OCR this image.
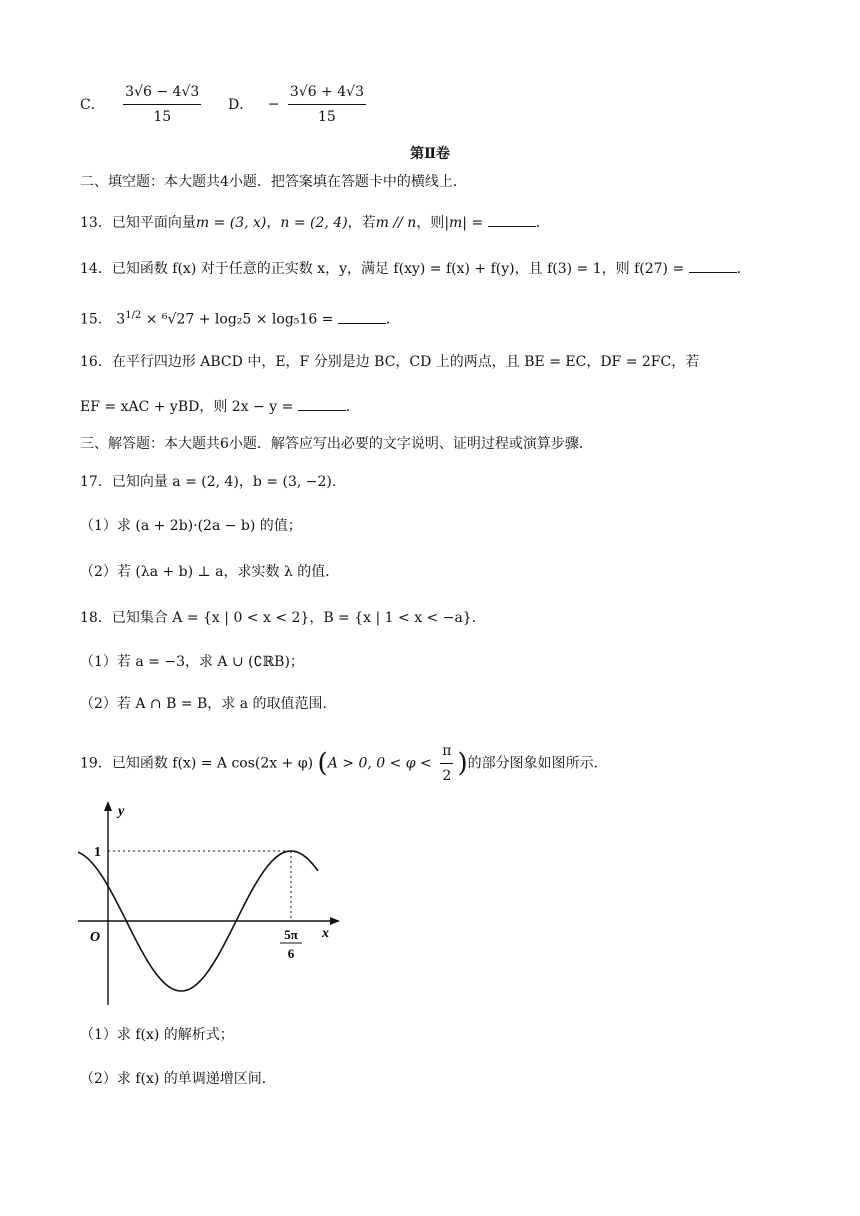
C． $\frac{3√6 - 4√3}{15}$ D． − $\frac{3√6 + 4√3}{15}$
第Ⅱ卷
二、填空题：本大题共4小题．把答案填在答题卡中的横线上．
13．已知平面向量m = (3, x)，n = (2, 4)，若m // n，则|m| =	．
14．已知函数 f(x) 对于任意的正实数 x，y，满足 f(xy) = f(x) + f(y)，且 f(3) = 1，则 f(27) =	．
15． $3^{1/2} \times ^6√27 + \log_25 \times \log_516$ =	．
16．在平行四边形 ABCD 中，E，F 分别是边 BC，CD 上的两点，且 BE = EC，DF = 2FC，若
EF = xAC + yBD，则 2x − y =	．
三、解答题：本大题共6小题．解答应写出必要的文字说明、证明过程或演算步骤．
17．已知向量 a = (2, 4)，b = (3, −2)．
（1）求 (a + 2b)·(2a − b) 的值；
（2）若 (λa + b) ⊥ a，求实数 λ 的值．
18．已知集合 A = {x | 0 < x < 2}，B = {x | 1 < x < −a}．
（1）若 a = −3，求 A ∪ (∁ℝB)；
（2）若 A ∩ B = B，求 a 的取值范围．
19．已知函数 f(x) = A cos(2x + φ) (A > 0, $0 < \varphi < \frac{\pi}{2}$ )的部分图象如图所示．
y
x
O
1
5π
6
（1）求 f(x) 的解析式；
（2）求 f(x) 的单调递增区间．
